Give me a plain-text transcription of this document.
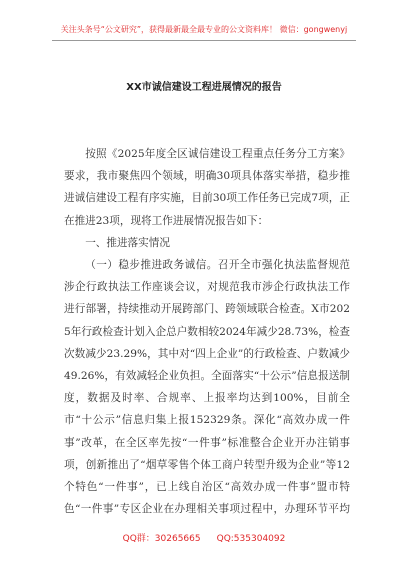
关注头条号“公文研究”，获得最新最全最专业的公文资料库！ 微信：gongwenyj
XX市诚信建设工程进展情况的报告

按照《2025年度全区诚信建设工程重点任务分工方案》要求，我市聚焦四个领域，明确30项具体落实举措，稳步推进诚信建设工程有序实施，目前30项工作任务已完成7项，正在推进23项，现将工作进展情况报告如下：

一、推进落实情况

（一）稳步推进政务诚信。召开全市强化执法监督规范涉企行政执法工作座谈会议，对规范我市涉企行政执法工作进行部署，持续推动开展跨部门、跨领域联合检查。X市2025年行政检查计划入企总户数相较2024年减少28.73%，检查次数减少23.29%，其中对“四上企业”的行政检查、户数减少49.26%，有效减轻企业负担。全面落实“十公示”信息报送制度，数据及时率、合规率、上报率均达到100%，目前全市“十公示”信息归集上报152329条。深化“高效办成一件事”改革，在全区率先按“一件事”标准整合企业开办注销事项，创新推出了“烟草零售个体工商户转型升级为企业”等12个特色“一件事”，已上线自治区“高效办成一件事”盟市特色“一件事”专区企业在办理相关事项过程中，办理环节平均

QQ群：30265665 QQ:535304092
